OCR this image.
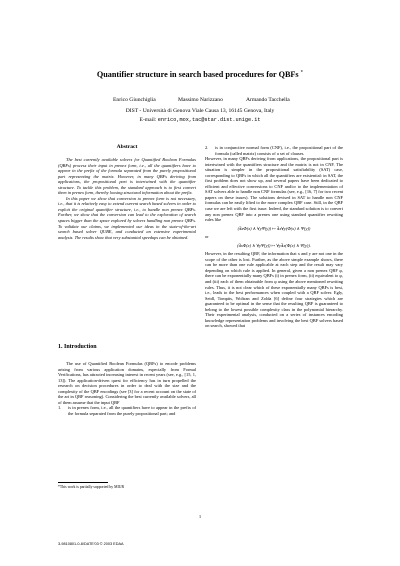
Quantifier structure in search based procedures for QBFs *
Enrico Giunchiglia	Massimo Narizzano	Armando Tacchella
DIST - Università di Genova Viale Causa 13, 16145 Genova, Italy
E-mail: enrico,mox,tac@star.dist.unige.it
Abstract

The best currently available solvers for Quantified Boolean Formulas (QBFs) process their input in prenex form, i.e., all the quantifiers have to appear in the prefix of the formula separated from the purely propositional part representing the matrix. However, in many QBFs deriving from applications, the propositional part is intertwined with the quantifier structure. To tackle this problem, the standard approach is to first convert them in prenex form, thereby loosing structural information about the prefix.

In this paper we show that conversion to prenex form is not necessary, i.e., that it is relatively easy to extend current search based solvers in order to exploit the original quantifier structure, i.e., to handle non prenex QBFs. Further, we show that the conversion can lead to the exploration of search spaces bigger than the space explored by solvers handling non prenex QBFs. To validate our claims, we implemented our ideas in the state-of-the-art search based solver QUBE, and conducted an extensive experimental analysis. The results show that very substantial speedups can be obtained.

1. Introduction

The use of Quantified Boolean Formulas (QBFs) to encode problems arising from various application domains, especially from Formal Verifications, has attracted increasing interest in recent years (see, e.g., [15, 1, 13]). The application-driven quest for efficiency has in turn propelled the research on decision procedures in order to deal with the size and the complexity of the QBF encodings (see [3] for a recent account on the state of the art in QBF reasoning). Considering the best currently available solvers, all of them assume that the input QBF

1. is in prenex form, i.e., all the quantifiers have to appear in the prefix of the formula separated from the purely propositional part; and
2. is in conjunctive normal form (CNF), i.e., the propositional part of the formula (called matrix) consists of a set of clauses.

However, in many QBFs deriving from applications, the propositional part is intertwined with the quantifiers structure and the matrix is not in CNF. The situation is simpler in the propositional satisfiability (SAT) case, corresponding to QBFs in which all the quantifiers are existential: in SAT, the first problem does not show up, and several papers have been dedicated to efficient and effective conversions to CNF and/or to the implementation of SAT solvers able to handle non CNF formulas (see, e.g., [16, 7] for two recent papers on these issues). The solutions devised in SAT to handle non CNF formulas can be easily lifted to the more complex QBF case. Still, in the QBF case we are left with the first issue. Indeed, the standard solution is to convert any non prenex QBF into a prenex one using standard quantifier rewriting rules like

(∃xΦ(x) ∧ ∀yΨ(y)) ↦ ∃x∀y(Φ(x) ∧ Ψ(y))
or
(∃xΦ(x) ∧ ∀yΨ(y)) ↦ ∀y∃x(Φ(x) ∧ Ψ(y)).

However, in the resulting QBF, the information that x and y are not one in the scope of the other is lost. Further, as the above simple example shows, there can be more than one rule applicable at each step and the result may vary depending on which rule is applied. In general, given a non prenex QBF φ, there can be exponentially many QBFs (i) in prenex form, (ii) equivalent to φ, and (iii) each of them obtainable from φ using the above mentioned rewriting rules. Thus, it is not clear which of these exponentially many QBFs is best, i.e., leads to the best performances when coupled with a QBF solver. Egly, Seidl, Tompits, Woltran and Zolda [6] define four strategies which are guaranteed to be optimal in the sense that the resulting QBF is guaranteed to belong to the lowest possible complexity class in the polynomial hierarchy. Their experimental analysis, conducted on a series of instances encoding knowledge representation problems and involving the best QBF solvers based on search, showed that

*This work is partially supported by MIUR
1
3-9810801-0-8/DATE'03 © 2003 EDAA
